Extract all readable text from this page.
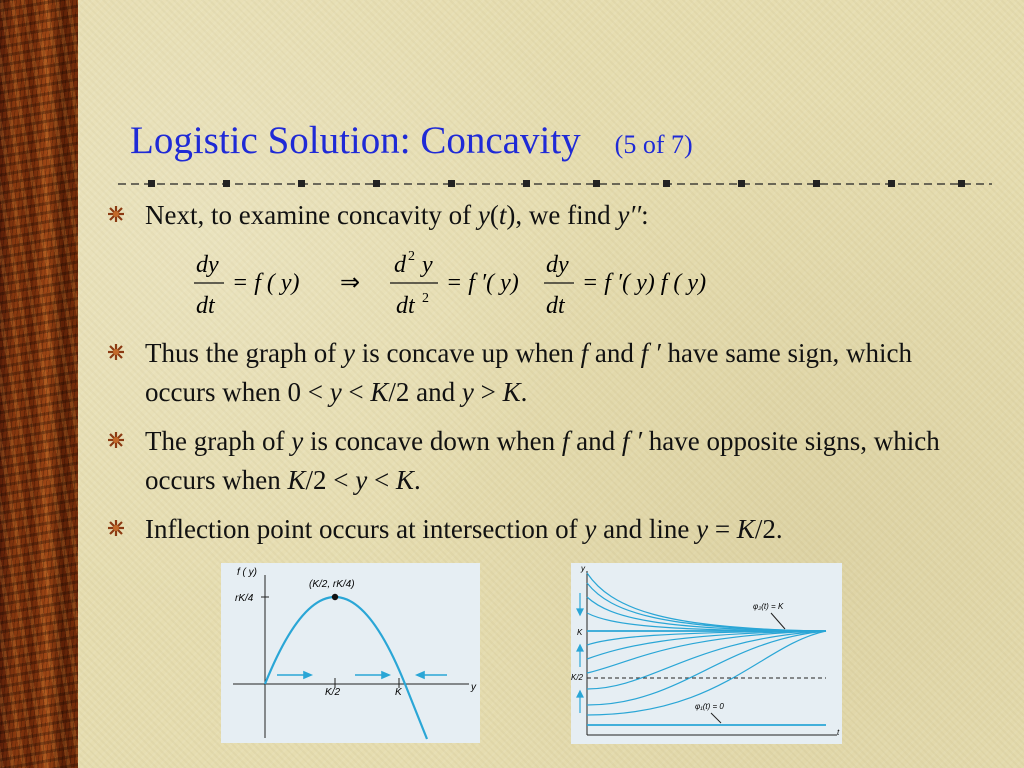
Logistic Solution: Concavity (5 of 7)
Next, to examine concavity of y(t), we find y′′:
dy
dt
= f ( y) ⇒
d 2 y
dt 2
= f ′( y)
dy
dt
= f ′( y) f ( y)
Thus the graph of y is concave up when f and f ′ have same sign, which occurs when 0 < y < K/2 and y > K.
The graph of y is concave down when f and f ′ have opposite signs, which occurs when K/2 < y < K.
Inflection point occurs at intersection of y and line y = K/2.
f ( y)
rK/4
(K/2, rK/4)
K/2	K	y
y
K
K/2
t
φ₂(t) = K
φ₁(t) = 0
